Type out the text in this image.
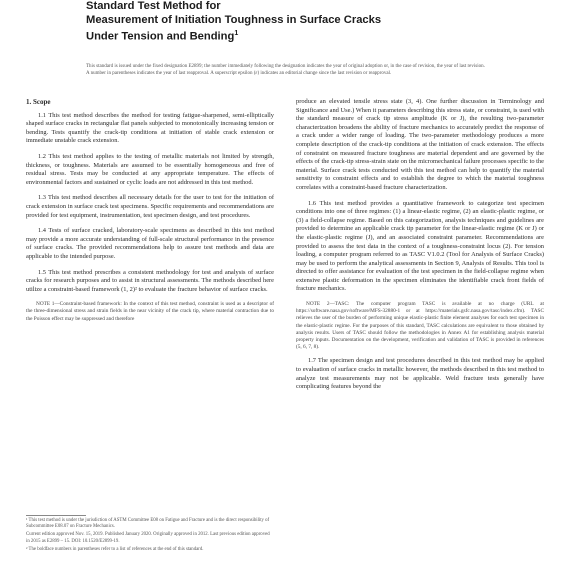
Standard Test Method for
Measurement of Initiation Toughness in Surface Cracks
Under Tension and Bending$^1$
This standard is issued under the fixed designation E2899; the number immediately following the designation indicates the year of original adoption or, in the case of revision, the year of last revision. A number in parentheses indicates the year of last reapproval. A superscript epsilon (ε) indicates an editorial change since the last revision or reapproval.
1. Scope

1.1 This test method describes the method for testing fatigue-sharpened, semi-elliptically shaped surface cracks in rectangular flat panels subjected to monotonically increasing tension or bending. Tests quantify the crack-tip conditions at initiation of stable crack extension or immediate unstable crack extension.

1.2 This test method applies to the testing of metallic materials not limited by strength, thickness, or toughness. Materials are assumed to be essentially homogeneous and free of residual stress. Tests may be conducted at any appropriate temperature. The effects of environmental factors and sustained or cyclic loads are not addressed in this test method.

1.3 This test method describes all necessary details for the user to test for the initiation of crack extension in surface crack test specimens. Specific requirements and recommendations are provided for test equipment, instrumentation, test specimen design, and test procedures.

1.4 Tests of surface cracked, laboratory-scale specimens as described in this test method may provide a more accurate understanding of full-scale structural performance in the presence of surface cracks. The provided recommendations help to assure test methods and data are applicable to the intended purpose.

1.5 This test method prescribes a consistent methodology for test and analysis of surface cracks for research purposes and to assist in structural assessments. The methods described here utilize a constraint-based framework (1, 2)² to evaluate the fracture behavior of surface cracks.

NOTE 1—Constraint-based framework: In the context of this test method, constraint is used as a descriptor of the three-dimensional stress and strain fields in the near vicinity of the crack tip, where material contraction due to the Poisson effect may be suppressed and therefore

produce an elevated tensile stress state (3, 4). One further discussion in Terminology and Significance and Use.) When it parameters describing this stress state, or constraint, is used with the standard measure of crack tip stress amplitude (K or J), the resulting two-parameter characterization broadens the ability of fracture mechanics to accurately predict the response of a crack under a wider range of loading. The two-parameter methodology produces a more complete description of the crack-tip conditions at the initiation of crack extension. The effects of constraint on measured fracture toughness are material dependent and are governed by the effects of the crack-tip stress-strain state on the micromechanical failure processes specific to the material. Surface crack tests conducted with this test method can help to quantify the material sensitivity to constraint effects and to establish the degree to which the material toughness correlates with a constraint-based fracture characterization.

1.6 This test method provides a quantitative framework to categorize test specimen conditions into one of three regimes: (1) a linear-elastic regime, (2) an elastic-plastic regime, or (3) a field-collapse regime. Based on this categorization, analysis techniques and guidelines are provided to determine an applicable crack tip parameter for the linear-elastic regime (K or J) or the elastic-plastic regime (J), and an associated constraint parameter. Recommendations are provided to assess the test data in the context of a toughness-constraint locus (2). For tension loading, a computer program referred to as TASC V1.0.2 (Tool for Analysis of Surface Cracks) may be used to perform the analytical assessments in Section 9, Analysis of Results. This tool is directed to offer assistance for evaluation of the test specimen in the field-collapse regime when extensive plastic deformation in the specimen eliminates the identifiable crack front fields of fracture mechanics.

NOTE 2—TASC: The computer program TASC is available at no charge (URL at https://software.nasa.gov/software/MFS-32880-1 or at https://materials.gsfc.nasa.gov/tasc/index.cfm). TASC relieves the user of the burden of performing unique elastic-plastic finite element analyses for each test specimen in the elastic-plastic regime. For the purposes of this standard, TASC calculations are equivalent to those obtained by analysis results. Users of TASC should follow the methodologies in Annex A1 for establishing analysis material property inputs. Documentation on the development, verification and validation of TASC is provided in references (5, 6, 7, 8).

1.7 The specimen design and test procedures described in this test method may be applied to evaluation of surface cracks in metallic however, the methods described in this test method to analyze test measurements may not be applicable. Weld fracture tests generally have complicating features beyond the

¹ This test method is under the jurisdiction of ASTM Committee E08 on Fatigue and Fracture and is the direct responsibility of Subcommittee E08.07 on Fracture Mechanics.

Current edition approved Nov. 15, 2019. Published January 2020. Originally approved in 2012. Last previous edition approved in 2015 as E2899 – 15. DOI: 10.1520/E2899-19.

² The boldface numbers in parentheses refer to a list of references at the end of this standard.
